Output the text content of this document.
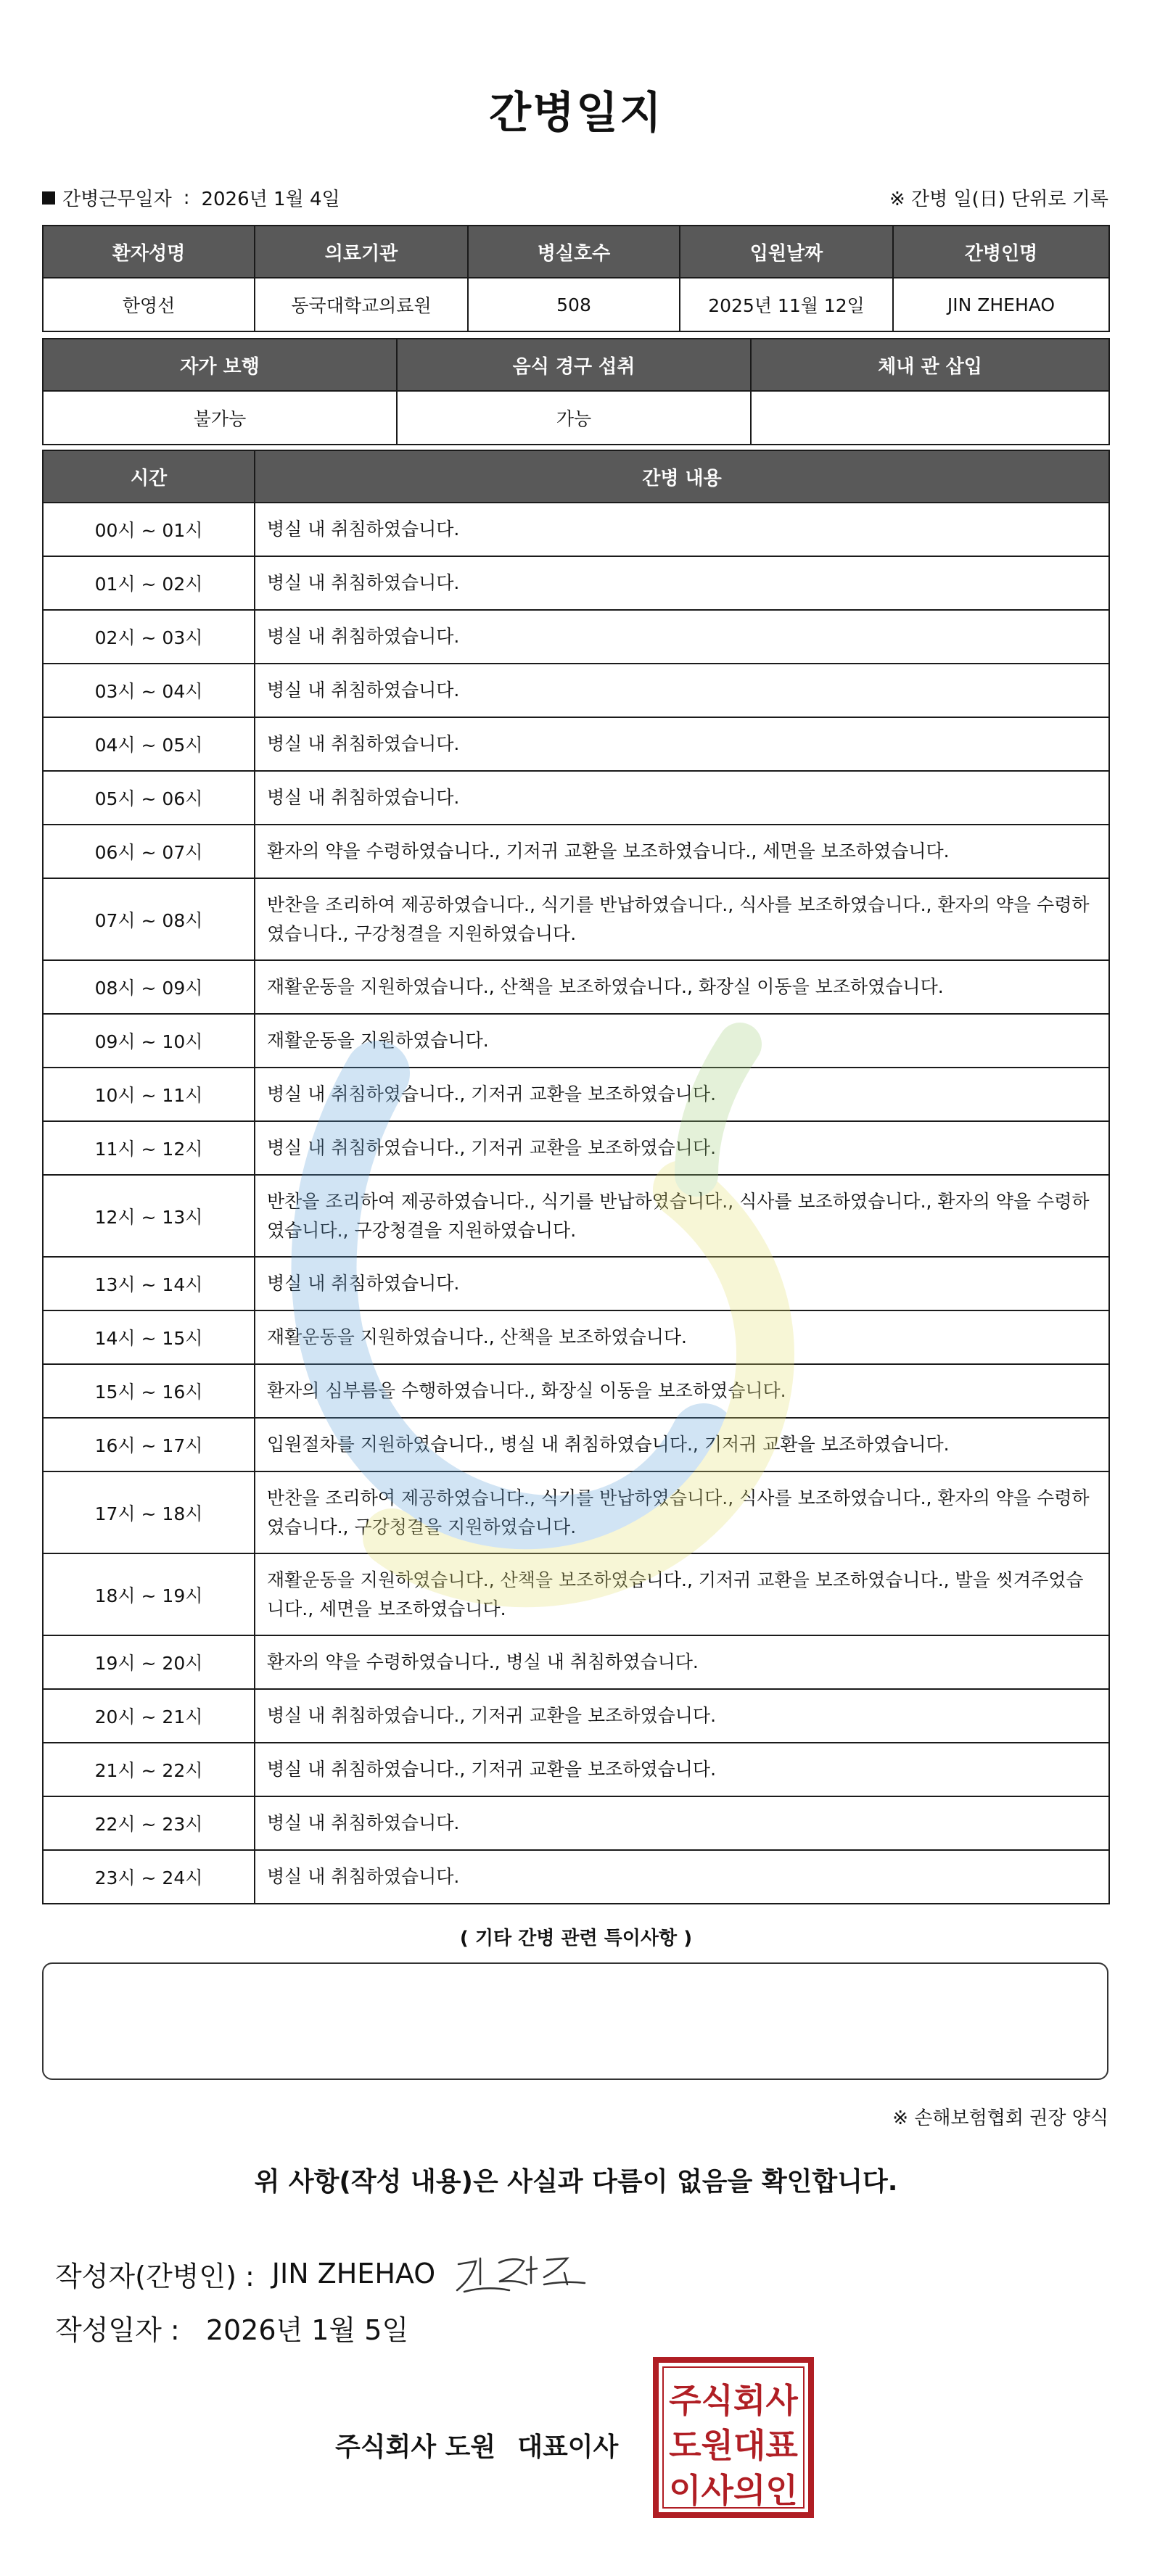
간병일지
간병근무일자 : 2026년 1월 4일	※ 간병 일(日) 단위로 기록
환자성명	의료기관	병실호수	입원날짜	간병인명
한영선	동국대학교의료원	508	2025년 11월 12일	JIN ZHEHAO
자가 보행	음식 경구 섭취	체내 관 삽입
불가능	가능	
시간	간병 내용
00시 ~ 01시	병실 내 취침하였습니다.
01시 ~ 02시	병실 내 취침하였습니다.
02시 ~ 03시	병실 내 취침하였습니다.
03시 ~ 04시	병실 내 취침하였습니다.
04시 ~ 05시	병실 내 취침하였습니다.
05시 ~ 06시	병실 내 취침하였습니다.
06시 ~ 07시	환자의 약을 수령하였습니다., 기저귀 교환을 보조하였습니다., 세면을 보조하였습니다.
07시 ~ 08시	반찬을 조리하여 제공하였습니다., 식기를 반납하였습니다., 식사를 보조하였습니다., 환자의 약을 수령하였습니다., 구강청결을 지원하였습니다.
08시 ~ 09시	재활운동을 지원하였습니다., 산책을 보조하였습니다., 화장실 이동을 보조하였습니다.
09시 ~ 10시	재활운동을 지원하였습니다.
10시 ~ 11시	병실 내 취침하였습니다., 기저귀 교환을 보조하였습니다.
11시 ~ 12시	병실 내 취침하였습니다., 기저귀 교환을 보조하였습니다.
12시 ~ 13시	반찬을 조리하여 제공하였습니다., 식기를 반납하였습니다., 식사를 보조하였습니다., 환자의 약을 수령하였습니다., 구강청결을 지원하였습니다.
13시 ~ 14시	병실 내 취침하였습니다.
14시 ~ 15시	재활운동을 지원하였습니다., 산책을 보조하였습니다.
15시 ~ 16시	환자의 심부름을 수행하였습니다., 화장실 이동을 보조하였습니다.
16시 ~ 17시	입원절차를 지원하였습니다., 병실 내 취침하였습니다., 기저귀 교환을 보조하였습니다.
17시 ~ 18시	반찬을 조리하여 제공하였습니다., 식기를 반납하였습니다., 식사를 보조하였습니다., 환자의 약을 수령하였습니다., 구강청결을 지원하였습니다.
18시 ~ 19시	재활운동을 지원하였습니다., 산책을 보조하였습니다., 기저귀 교환을 보조하였습니다., 발을 씻겨주었습니다., 세면을 보조하였습니다.
19시 ~ 20시	환자의 약을 수령하였습니다., 병실 내 취침하였습니다.
20시 ~ 21시	병실 내 취침하였습니다., 기저귀 교환을 보조하였습니다.
21시 ~ 22시	병실 내 취침하였습니다., 기저귀 교환을 보조하였습니다.
22시 ~ 23시	병실 내 취침하였습니다.
23시 ~ 24시	병실 내 취침하였습니다.
( 기타 간병 관련 특이사항 )
※ 손해보험협회 권장 양식
위 사항(작성 내용)은 사실과 다름이 없음을 확인합니다.
작성자(간병인) : JIN ZHEHAO
작성일자 : 2026년 1월 5일
주식회사 도원 대표이사
주식회사
도원대표
이사의인
